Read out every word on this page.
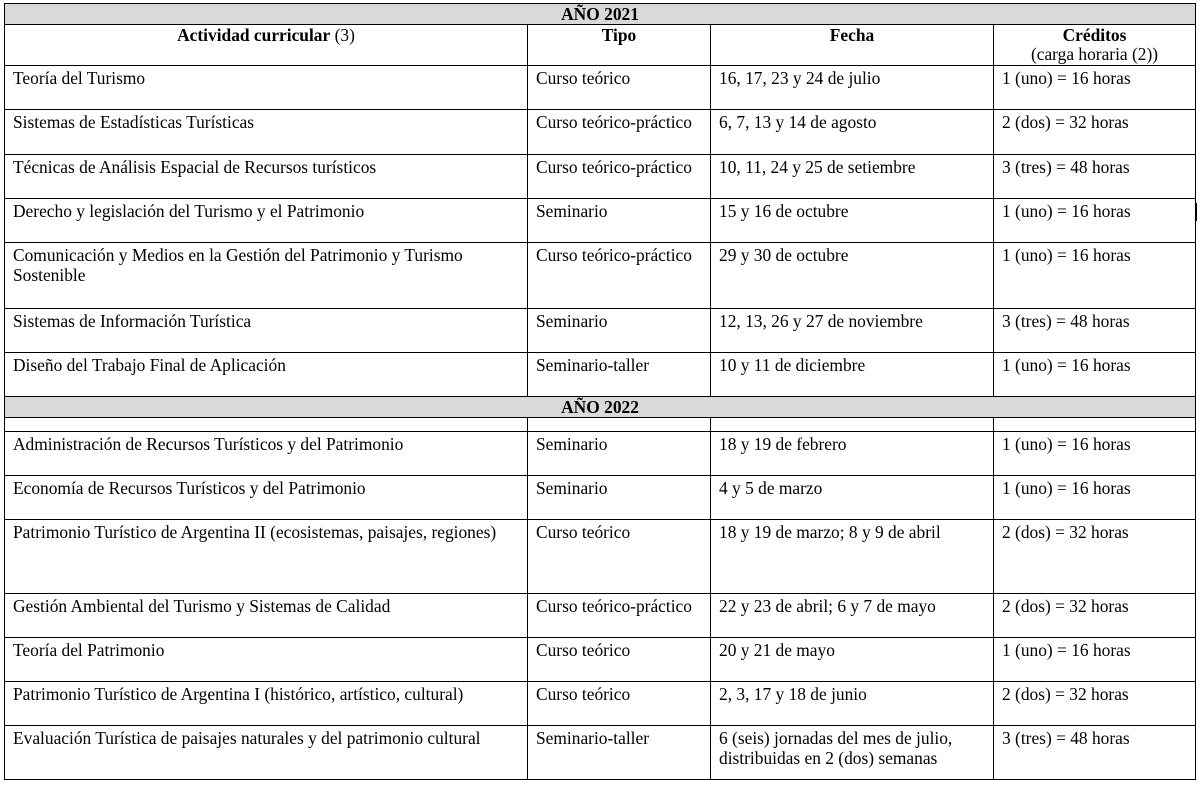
AÑO 2021			
Actividad curricular (3)	Tipo	Fecha	Créditos
(carga horaria (2))

Teoría del Turismo	Curso teórico	16, 17, 23 y 24 de julio	1 (uno) = 16 horas
Sistemas de Estadísticas Turísticas	Curso teórico-práctico	6, 7, 13 y 14 de agosto	2 (dos) = 32 horas
Técnicas de Análisis Espacial de Recursos turísticos	Curso teórico-práctico	10, 11, 24 y 25 de setiembre	3 (tres) = 48 horas
Derecho y legislación del Turismo y el Patrimonio	Seminario	15 y 16 de octubre	1 (uno) = 16 horas
Comunicación y Medios en la Gestión del Patrimonio y Turismo Sostenible	Curso teórico-práctico	29 y 30 de octubre	1 (uno) = 16 horas
Sistemas de Información Turística	Seminario	12, 13, 26 y 27 de noviembre	3 (tres) = 48 horas
Diseño del Trabajo Final de Aplicación	Seminario-taller	10 y 11 de diciembre	1 (uno) = 16 horas
AÑO 2022			

Administración de Recursos Turísticos y del Patrimonio	Seminario	18 y 19 de febrero	1 (uno) = 16 horas
Economía de Recursos Turísticos y del Patrimonio	Seminario	4 y 5 de marzo	1 (uno) = 16 horas
Patrimonio Turístico de Argentina II (ecosistemas, paisajes, regiones)	Curso teórico	18 y 19 de marzo; 8 y 9 de abril	2 (dos) = 32 horas
Gestión Ambiental del Turismo y Sistemas de Calidad	Curso teórico-práctico	22 y 23 de abril; 6 y 7 de mayo	2 (dos) = 32 horas
Teoría del Patrimonio	Curso teórico	20 y 21 de mayo	1 (uno) = 16 horas
Patrimonio Turístico de Argentina I (histórico, artístico, cultural)	Curso teórico	2, 3, 17 y 18 de junio	2 (dos) = 32 horas
Evaluación Turística de paisajes naturales y del patrimonio cultural	Seminario-taller	6 (seis) jornadas del mes de julio, distribuidas en 2 (dos) semanas	3 (tres) = 48 horas
